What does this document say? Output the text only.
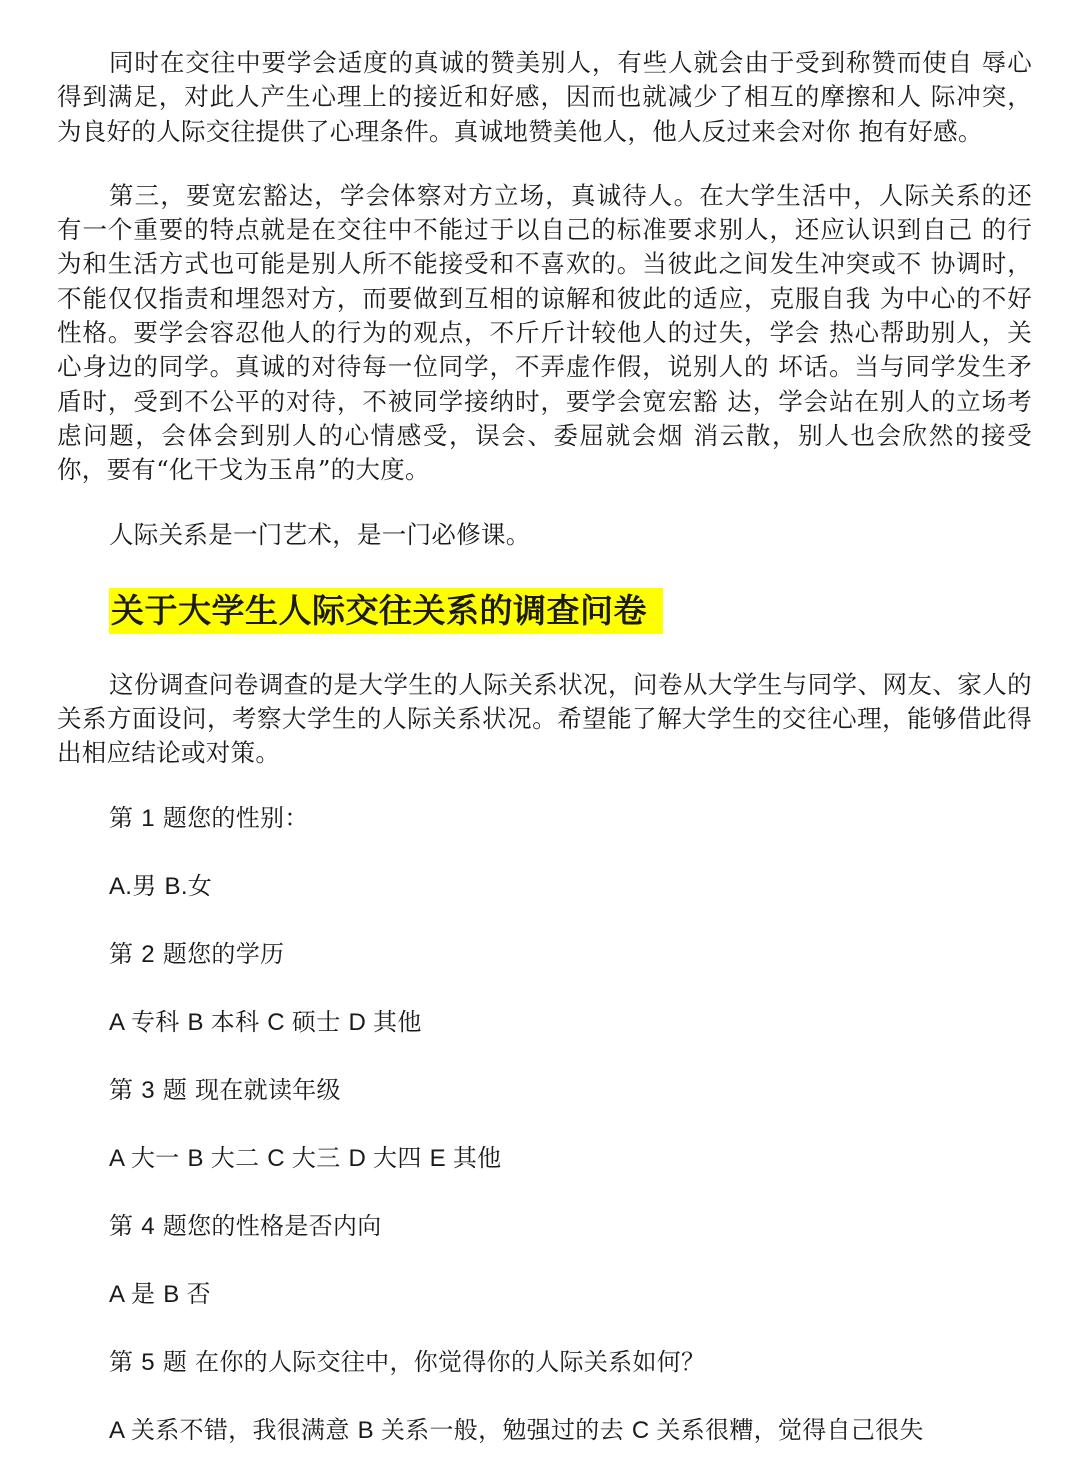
同时在交往中要学会适度的真诚的赞美别人，有些人就会由于受到称赞而使自 辱心得到满足，对此人产生心理上的接近和好感，因而也就减少了相互的摩擦和人 际冲突，为良好的人际交往提供了心理条件。真诚地赞美他人，他人反过来会对你 抱有好感。

第三，要宽宏豁达，学会体察对方立场，真诚待人。在大学生活中，人际关系的还 有一个重要的特点就是在交往中不能过于以自己的标准要求别人，还应认识到自己 的行为和生活方式也可能是别人所不能接受和不喜欢的。当彼此之间发生冲突或不 协调时，不能仅仅指责和埋怨对方，而要做到互相的谅解和彼此的适应，克服自我 为中心的不好性格。要学会容忍他人的行为的观点，不斤斤计较他人的过失，学会 热心帮助别人，关心身边的同学。真诚的对待每一位同学，不弄虚作假，说别人的 坏话。当与同学发生矛盾时，受到不公平的对待，不被同学接纳时，要学会宽宏豁 达，学会站在别人的立场考虑问题，会体会到别人的心情感受，误会、委屈就会烟 消云散，别人也会欣然的接受你，要有“化干戈为玉帛”的大度。

人际关系是一门艺术，是一门必修课。

关于大学生人际交往关系的调查问卷

这份调查问卷调查的是大学生的人际关系状况，问卷从大学生与同学、网友、家人的关系方面设问，考察大学生的人际关系状况。希望能了解大学生的交往心理，能够借此得出相应结论或对策。

第 1 题您的性别：
A.男 B.女
第 2 题您的学历
A 专科 B 本科 C 硕士 D 其他
第 3 题 现在就读年级
A 大一 B 大二 C 大三 D 大四 E 其他
第 4 题您的性格是否内向
A 是 B 否
第 5 题 在你的人际交往中，你觉得你的人际关系如何？
A 关系不错，我很满意 B 关系一般，勉强过的去 C 关系很糟，觉得自己很失
